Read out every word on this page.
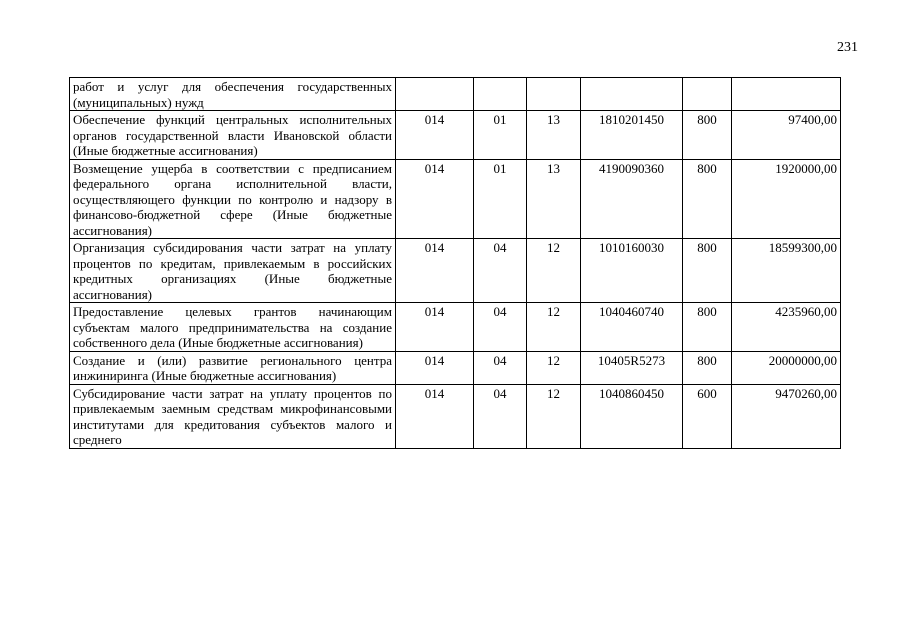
231
работ и услуг для обеспечения государственных (муниципальных) нужд						
Обеспечение функций центральных исполнительных органов государственной власти Ивановской области (Иные бюджетные ассигнования)	014	01	13	1810201450	800	97400,00
Возмещение ущерба в соответствии с предписанием федерального органа исполнительной власти, осуществляющего функции по контролю и надзору в финансово-бюджетной сфере (Иные бюджетные ассигнования)	014	01	13	4190090360	800	1920000,00
Организация субсидирования части затрат на уплату процентов по кредитам, привлекаемым в российских кредитных организациях (Иные бюджетные ассигнования)	014	04	12	1010160030	800	18599300,00
Предоставление целевых грантов начинающим субъектам малого предпринимательства на создание собственного дела (Иные бюджетные ассигнования)	014	04	12	1040460740	800	4235960,00
Создание и (или) развитие регионального центра инжиниринга (Иные бюджетные ассигнования)	014	04	12	10405R5273	800	20000000,00
Субсидирование части затрат на уплату процентов по привлекаемым заемным средствам микрофинансовыми институтами для кредитования субъектов малого и среднего	014	04	12	1040860450	600	9470260,00
